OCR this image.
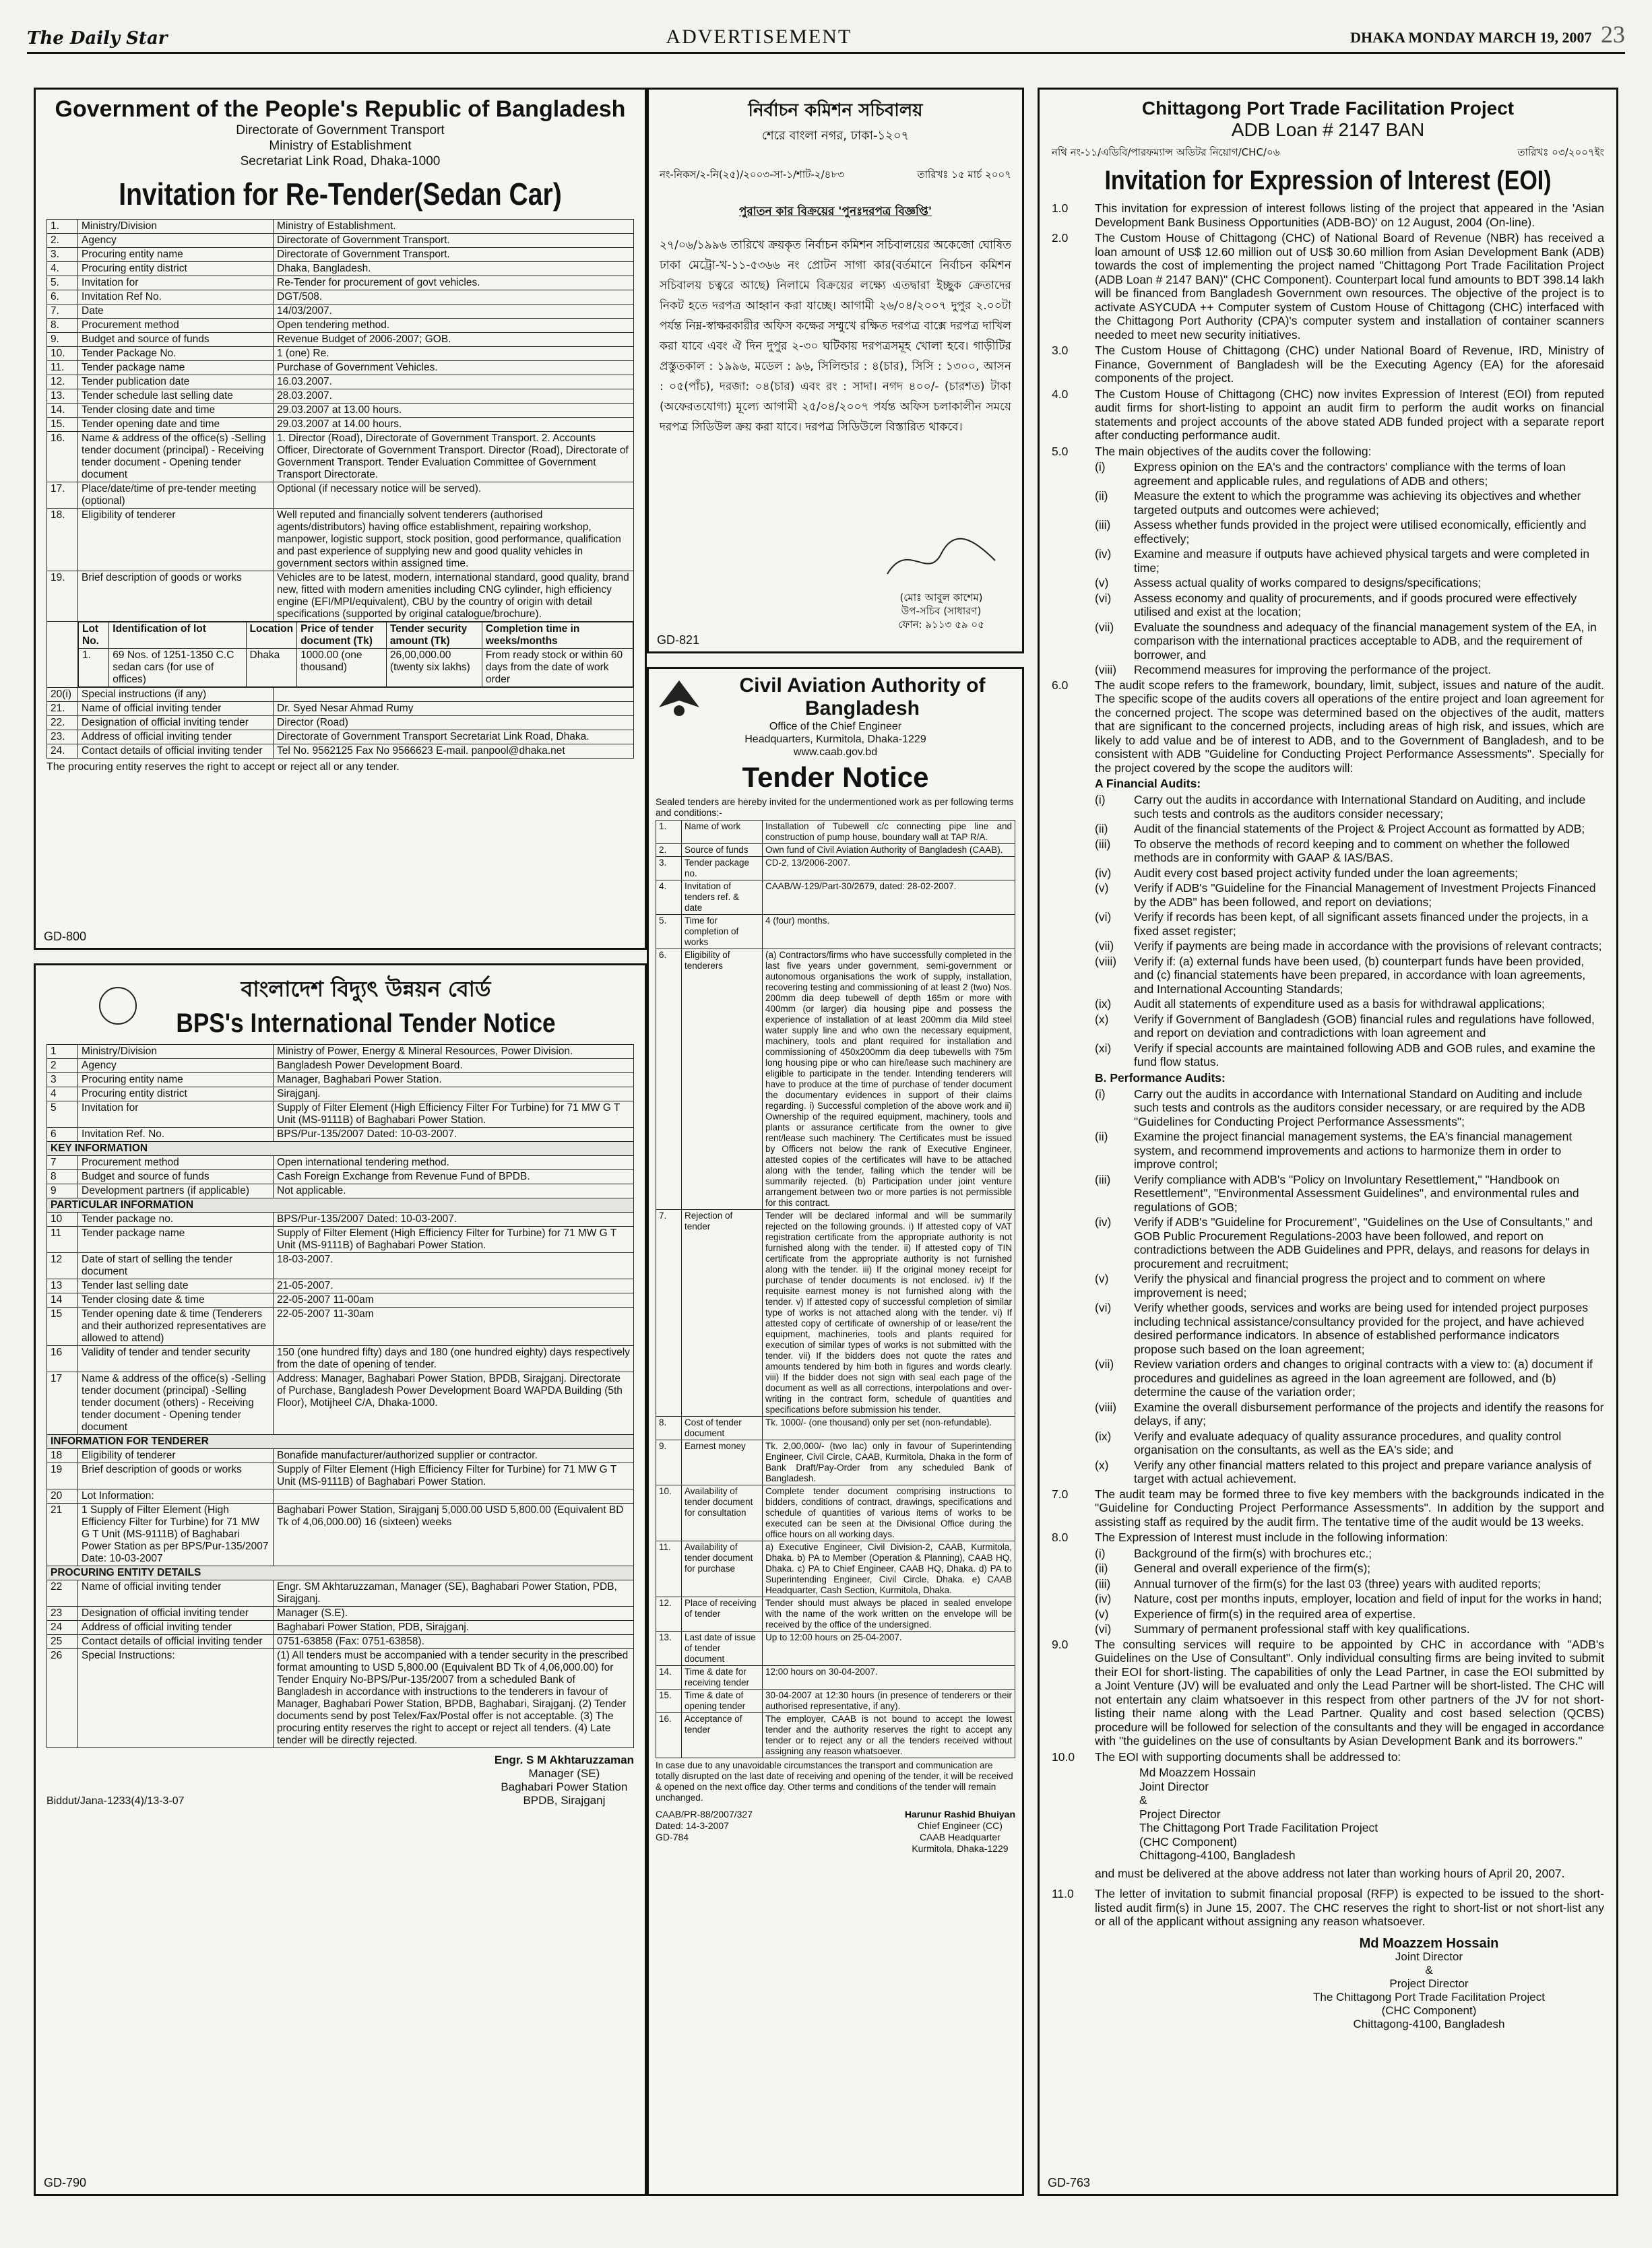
The Daily Star	ADVERTISEMENT	DHAKA MONDAY MARCH 19, 2007 23
Government of the People's Republic of Bangladesh
Directorate of Government Transport
Ministry of Establishment
Secretariat Link Road, Dhaka-1000
Invitation for Re-Tender(Sedan Car)
1.	Ministry/Division	Ministry of Establishment.
2.	Agency	Directorate of Government Transport.
3.	Procuring entity name	Directorate of Government Transport.
4.	Procuring entity district	Dhaka, Bangladesh.
5.	Invitation for	Re-Tender for procurement of govt vehicles.
6.	Invitation Ref No.	DGT/508.
7.	Date	14/03/2007.
8.	Procurement method	Open tendering method.
9.	Budget and source of funds	Revenue Budget of 2006-2007; GOB.
10.	Tender Package No.	1 (one) Re.
11.	Tender package name	Purchase of Government Vehicles.
12.	Tender publication date	16.03.2007.
13.	Tender schedule last selling date	28.03.2007.
14.	Tender closing date and time	29.03.2007 at 13.00 hours.
15.	Tender opening date and time	29.03.2007 at 14.00 hours.
16.	Name & address of the office(s) -Selling tender document (principal) - Receiving tender document - Opening tender document	1. Director (Road), Directorate of Government Transport. 2. Accounts Officer, Directorate of Government Transport. Director (Road), Directorate of Government Transport. Tender Evaluation Committee of Government Transport Directorate.
17.	Place/date/time of pre-tender meeting (optional)	Optional (if necessary notice will be served).
18.	Eligibility of tenderer	Well reputed and financially solvent tenderers (authorised agents/distributors) having office establishment, repairing workshop, manpower, logistic support, stock position, good performance, qualification and past experience of supplying new and good quality vehicles in government sectors within assigned time.
19.	Brief description of goods or works	Vehicles are to be latest, modern, international standard, good quality, brand new, fitted with modern amenities including CNG cylinder, high efficiency engine (EFI/MPI/equivalent), CBU by the country of origin with detail specifications (supported by original catalogue/brochure).

Lot No.	Identification of lot	Location	Price of tender document (Tk)	Tender security amount (Tk)	Completion time in weeks/months
1.	69 Nos. of 1251-1350 C.C sedan cars (for use of offices)	Dhaka	1000.00 (one thousand)	26,00,000.00 (twenty six lakhs)	From ready stock or within 60 days from the date of work order

20(i)	Special instructions (if any)	
21.	Name of official inviting tender	Dr. Syed Nesar Ahmad Rumy
22.	Designation of official inviting tender	Director (Road)
23.	Address of official inviting tender	Directorate of Government Transport Secretariat Link Road, Dhaka.
24.	Contact details of official inviting tender	Tel No. 9562125 Fax No 9566623 E-mail. panpool@dhaka.net
The procuring entity reserves the right to accept or reject all or any tender.
GD-800
বাংলাদেশ বিদ্যুৎ উন্নয়ন বোর্ড
BPS's International Tender Notice
1	Ministry/Division	Ministry of Power, Energy & Mineral Resources, Power Division.
2	Agency	Bangladesh Power Development Board.
3	Procuring entity name	Manager, Baghabari Power Station.
4	Procuring entity district	Sirajganj.
5	Invitation for	Supply of Filter Element (High Efficiency Filter For Turbine) for 71 MW G T Unit (MS-9111B) of Baghabari Power Station.
6	Invitation Ref. No.	BPS/Pur-135/2007 Dated: 10-03-2007.
KEY INFORMATION		
7	Procurement method	Open international tendering method.
8	Budget and source of funds	Cash Foreign Exchange from Revenue Fund of BPDB.
9	Development partners (if applicable)	Not applicable.
PARTICULAR INFORMATION		
10	Tender package no.	BPS/Pur-135/2007 Dated: 10-03-2007.
11	Tender package name	Supply of Filter Element (High Efficiency Filter for Turbine) for 71 MW G T Unit (MS-9111B) of Baghabari Power Station.
12	Date of start of selling the tender document	18-03-2007.
13	Tender last selling date	21-05-2007.
14	Tender closing date & time	22-05-2007 11-00am
15	Tender opening date & time (Tenderers and their authorized representatives are allowed to attend)	22-05-2007 11-30am
16	Validity of tender and tender security	150 (one hundred fifty) days and 180 (one hundred eighty) days respectively from the date of opening of tender.
17	Name & address of the office(s) -Selling tender document (principal) -Selling tender document (others) - Receiving tender document - Opening tender document	Address: Manager, Baghabari Power Station, BPDB, Sirajganj. Directorate of Purchase, Bangladesh Power Development Board WAPDA Building (5th Floor), Motijheel C/A, Dhaka-1000.
INFORMATION FOR TENDERER		
18	Eligibility of tenderer	Bonafide manufacturer/authorized supplier or contractor.
19	Brief description of goods or works	Supply of Filter Element (High Efficiency Filter for Turbine) for 71 MW G T Unit (MS-9111B) of Baghabari Power Station.
20	Lot Information:	
21	1 Supply of Filter Element (High Efficiency Filter for Turbine) for 71 MW G T Unit (MS-9111B) of Baghabari Power Station as per BPS/Pur-135/2007 Date: 10-03-2007	Baghabari Power Station, Sirajganj 5,000.00 USD 5,800.00 (Equivalent BD Tk of 4,06,000.00) 16 (sixteen) weeks
PROCURING ENTITY DETAILS		
22	Name of official inviting tender	Engr. SM Akhtaruzzaman, Manager (SE), Baghabari Power Station, PDB, Sirajganj.
23	Designation of official inviting tender	Manager (S.E).
24	Address of official inviting tender	Baghabari Power Station, PDB, Sirajganj.
25	Contact details of official inviting tender	0751-63858 (Fax: 0751-63858).
26	Special Instructions:	(1) All tenders must be accompanied with a tender security in the prescribed format amounting to USD 5,800.00 (Equivalent BD Tk of 4,06,000.00) for Tender Enquiry No-BPS/Pur-135/2007 from a scheduled Bank of Bangladesh in accordance with instructions to the tenderers in favour of Manager, Baghabari Power Station, BPDB, Baghabari, Sirajganj. (2) Tender documents send by post Telex/Fax/Postal offer is not acceptable. (3) The procuring entity reserves the right to accept or reject all tenders. (4) Late tender will be directly rejected.
Biddut/Jana-1233(4)/13-3-07
Engr. S M Akhtaruzzaman
Manager (SE)
Baghabari Power Station
BPDB, Sirajganj
GD-790
নির্বাচন কমিশন সচিবালয়
শেরে বাংলা নগর, ঢাকা-১২০৭
নং-নিকস/২-নি(২৫)/২০০৩-সা-১/শাট-২/৪৮৩	তারিখঃ ১৫ মার্চ ২০০৭
পুরাতন কার বিক্রয়ের 'পুনঃদরপত্র বিজ্ঞপ্তি'
২৭/০৬/১৯৯৬ তারিখে ক্রয়কৃত নির্বাচন কমিশন সচিবালয়ের অকেজো ঘোষিত ঢাকা মেট্রো-খ-১১-৫৩৬৬ নং প্রোটন সাগা কার(বর্তমানে নির্বাচন কমিশন সচিবালয় চত্বরে আছে) নিলামে বিক্রয়ের লক্ষ্যে এতদ্বারা ইচ্ছুক ক্রেতাদের নিকট হতে দরপত্র আহ্বান করা যাচ্ছে। আগামী ২৬/০৪/২০০৭ দুপুর ২.০০টা পর্যন্ত নিম্ন-স্বাক্ষরকারীর অফিস কক্ষের সম্মুখে রক্ষিত দরপত্র বাক্সে দরপত্র দাখিল করা যাবে এবং ঐ দিন দুপুর ২-৩০ ঘটিকায় দরপত্রসমূহ খোলা হবে। গাড়ীটির প্রস্তুতকাল : ১৯৯৬, মডেল : ৯৬, সিলিন্ডার : ৪(চার), সিসি : ১৩০০, আসন : ০৫(পাঁচ), দরজা: ০৪(চার) এবং রং : সাদা। নগদ ৪০০/- (চারশত) টাকা (অফেরতযোগ্য) মূল্যে আগামী ২৫/০৪/২০০৭ পর্যন্ত অফিস চলাকালীন সময়ে দরপত্র সিডিউল ক্রয় করা যাবে। দরপত্র সিডিউলে বিস্তারিত থাকবে।
(মোঃ আবুল কাশেম)
উপ-সচিব (সাধারণ)
ফোন: ৯১১৩ ৫৯ ০৫
GD-821
Civil Aviation Authority of
Bangladesh
Office of the Chief Engineer
Headquarters, Kurmitola, Dhaka-1229
www.caab.gov.bd
Tender Notice
Sealed tenders are hereby invited for the undermentioned work as per following terms and conditions:-
1.	Name of work	Installation of Tubewell c/c connecting pipe line and construction of pump house, boundary wall at TAP R/A.
2.	Source of funds	Own fund of Civil Aviation Authority of Bangladesh (CAAB).
3.	Tender package no.	CD-2, 13/2006-2007.
4.	Invitation of tenders ref. & date	CAAB/W-129/Part-30/2679, dated: 28-02-2007.
5.	Time for completion of works	4 (four) months.
6.	Eligibility of tenderers	(a) Contractors/firms who have successfully completed in the last five years under government, semi-government or autonomous organisations the work of supply, installation, recovering testing and commissioning of at least 2 (two) Nos. 200mm dia deep tubewell of depth 165m or more with 400mm (or larger) dia housing pipe and possess the experience of installation of at least 200mm dia Mild steel water supply line and who own the necessary equipment, machinery, tools and plant required for installation and commissioning of 450x200mm dia deep tubewells with 75m long housing pipe or who can hire/lease such machinery are eligible to participate in the tender. Intending tenderers will have to produce at the time of purchase of tender document the documentary evidences in support of their claims regarding. i) Successful completion of the above work and ii) Ownership of the required equipment, machinery, tools and plants or assurance certificate from the owner to give rent/lease such machinery. The Certificates must be issued by Officers not below the rank of Executive Engineer, attested copies of the certificates will have to be attached along with the tender, failing which the tender will be summarily rejected. (b) Participation under joint venture arrangement between two or more parties is not permissible for this contract.
7.	Rejection of tender	Tender will be declared informal and will be summarily rejected on the following grounds. i) If attested copy of VAT registration certificate from the appropriate authority is not furnished along with the tender. ii) If attested copy of TIN certificate from the appropriate authority is not furnished along with the tender. iii) If the original money receipt for purchase of tender documents is not enclosed. iv) If the requisite earnest money is not furnished along with the tender. v) If attested copy of successful completion of similar type of works is not attached along with the tender. vi) If attested copy of certificate of ownership of or lease/rent the equipment, machineries, tools and plants required for execution of similar types of works is not submitted with the tender. vii) If the bidders does not quote the rates and amounts tendered by him both in figures and words clearly. viii) If the bidder does not sign with seal each page of the document as well as all corrections, interpolations and over-writing in the contract form, schedule of quantities and specifications before submission his tender.
8.	Cost of tender document	Tk. 1000/- (one thousand) only per set (non-refundable).
9.	Earnest money	Tk. 2,00,000/- (two lac) only in favour of Superintending Engineer, Civil Circle, CAAB, Kurmitola, Dhaka in the form of Bank Draft/Pay-Order from any scheduled Bank of Bangladesh.
10.	Availability of tender document for consultation	Complete tender document comprising instructions to bidders, conditions of contract, drawings, specifications and schedule of quantities of various items of works to be executed can be seen at the Divisional Office during the office hours on all working days.
11.	Availability of tender document for purchase	a) Executive Engineer, Civil Division-2, CAAB, Kurmitola, Dhaka. b) PA to Member (Operation & Planning), CAAB HQ, Dhaka. c) PA to Chief Engineer, CAAB HQ, Dhaka. d) PA to Superintending Engineer, Civil Circle, Dhaka. e) CAAB Headquarter, Cash Section, Kurmitola, Dhaka.
12.	Place of receiving of tender	Tender should must always be placed in sealed envelope with the name of the work written on the envelope will be received by the office of the undersigned.
13.	Last date of issue of tender document	Up to 12:00 hours on 25-04-2007.
14.	Time & date for receiving tender	12:00 hours on 30-04-2007.
15.	Time & date of opening tender	30-04-2007 at 12:30 hours (in presence of tenderers or their authorised representative, if any).
16.	Acceptance of tender	The employer, CAAB is not bound to accept the lowest tender and the authority reserves the right to accept any tender or to reject any or all the tenders received without assigning any reason whatsoever.
In case due to any unavoidable circumstances the transport and communication are totally disrupted on the last date of receiving and opening of the tender, it will be received & opened on the next office day. Other terms and conditions of the tender will remain unchanged.
CAAB/PR-88/2007/327
Dated: 14-3-2007
GD-784
Harunur Rashid Bhuiyan
Chief Engineer (CC)
CAAB Headquarter
Kurmitola, Dhaka-1229
Chittagong Port Trade Facilitation Project
ADB Loan # 2147 BAN
নথি নং-১১/এডিবি/পারফম্যান্স অডিটর নিয়োগ/CHC/০৬	তারিখঃ ০৩/২০০৭ইং
Invitation for Expression of Interest (EOI)
1.0	This invitation for expression of interest follows listing of the project that appeared in the 'Asian Development Bank Business Opportunities (ADB-BO)' on 12 August, 2004 (On-line).
2.0	The Custom House of Chittagong (CHC) of National Board of Revenue (NBR) has received a loan amount of US$ 12.60 million out of US$ 30.60 million from Asian Development Bank (ADB) towards the cost of implementing the project named "Chittagong Port Trade Facilitation Project (ADB Loan # 2147 BAN)" (CHC Component). Counterpart local fund amounts to BDT 398.14 lakh will be financed from Bangladesh Government own resources. The objective of the project is to activate ASYCUDA ++ Computer system of Custom House of Chittagong (CHC) interfaced with the Chittagong Port Authority (CPA)'s computer system and installation of container scanners needed to meet new security initiatives.
3.0	The Custom House of Chittagong (CHC) under National Board of Revenue, IRD, Ministry of Finance, Government of Bangladesh will be the Executing Agency (EA) for the aforesaid components of the project.
4.0	The Custom House of Chittagong (CHC) now invites Expression of Interest (EOI) from reputed audit firms for short-listing to appoint an audit firm to perform the audit works on financial statements and project accounts of the above stated ADB funded project with a separate report after conducting performance audit.
5.0	The main objectives of the audits cover the following:
(i)	Express opinion on the EA's and the contractors' compliance with the terms of loan agreement and applicable rules, and regulations of ADB and others;
(ii)	Measure the extent to which the programme was achieving its objectives and whether targeted outputs and outcomes were achieved;
(iii)	Assess whether funds provided in the project were utilised economically, efficiently and effectively;
(iv)	Examine and measure if outputs have achieved physical targets and were completed in time;
(v)	Assess actual quality of works compared to designs/specifications;
(vi)	Assess economy and quality of procurements, and if goods procured were effectively utilised and exist at the location;
(vii)	Evaluate the soundness and adequacy of the financial management system of the EA, in comparison with the international practices acceptable to ADB, and the requirement of borrower, and
(viii)	Recommend measures for improving the performance of the project.
6.0	The audit scope refers to the framework, boundary, limit, subject, issues and nature of the audit. The specific scope of the audits covers all operations of the entire project and loan agreement for the concerned project. The scope was determined based on the objectives of the audit, matters that are significant to the concerned projects, including areas of high risk, and issues, which are likely to add value and be of interest to ADB, and to the Government of Bangladesh, and to be consistent with ADB "Guideline for Conducting Project Performance Assessments". Specially for the project covered by the scope the auditors will:
A Financial Audits:
(i)	Carry out the audits in accordance with International Standard on Auditing, and include such tests and controls as the auditors consider necessary;
(ii)	Audit of the financial statements of the Project & Project Account as formatted by ADB;
(iii)	To observe the methods of record keeping and to comment on whether the followed methods are in conformity with GAAP & IAS/BAS.
(iv)	Audit every cost based project activity funded under the loan agreements;
(v)	Verify if ADB's "Guideline for the Financial Management of Investment Projects Financed by the ADB" has been followed, and report on deviations;
(vi)	Verify if records has been kept, of all significant assets financed under the projects, in a fixed asset register;
(vii)	Verify if payments are being made in accordance with the provisions of relevant contracts;
(viii)	Verify if: (a) external funds have been used, (b) counterpart funds have been provided, and (c) financial statements have been prepared, in accordance with loan agreements, and International Accounting Standards;
(ix)	Audit all statements of expenditure used as a basis for withdrawal applications;
(x)	Verify if Government of Bangladesh (GOB) financial rules and regulations have followed, and report on deviation and contradictions with loan agreement and
(xi)	Verify if special accounts are maintained following ADB and GOB rules, and examine the fund flow status.
B. Performance Audits:
(i)	Carry out the audits in accordance with International Standard on Auditing and include such tests and controls as the auditors consider necessary, or are required by the ADB "Guidelines for Conducting Project Performance Assessments";
(ii)	Examine the project financial management systems, the EA's financial management system, and recommend improvements and actions to harmonize them in order to improve control;
(iii)	Verify compliance with ADB's "Policy on Involuntary Resettlement," "Handbook on Resettlement", "Environmental Assessment Guidelines", and environmental rules and regulations of GOB;
(iv)	Verify if ADB's "Guideline for Procurement", "Guidelines on the Use of Consultants," and GOB Public Procurement Regulations-2003 have been followed, and report on contradictions between the ADB Guidelines and PPR, delays, and reasons for delays in procurement and recruitment;
(v)	Verify the physical and financial progress the project and to comment on where improvement is need;
(vi)	Verify whether goods, services and works are being used for intended project purposes including technical assistance/consultancy provided for the project, and have achieved desired performance indicators. In absence of established performance indicators propose such based on the loan agreement;
(vii)	Review variation orders and changes to original contracts with a view to: (a) document if procedures and guidelines as agreed in the loan agreement are followed, and (b) determine the cause of the variation order;
(viii)	Examine the overall disbursement performance of the projects and identify the reasons for delays, if any;
(ix)	Verify and evaluate adequacy of quality assurance procedures, and quality control organisation on the consultants, as well as the EA's side; and
(x)	Verify any other financial matters related to this project and prepare variance analysis of target with actual achievement.
7.0	The audit team may be formed three to five key members with the backgrounds indicated in the "Guideline for Conducting Project Performance Assessments". In addition by the support and assisting staff as required by the audit firm. The tentative time of the audit would be 13 weeks.
8.0	The Expression of Interest must include in the following information:
(i)	Background of the firm(s) with brochures etc.;
(ii)	General and overall experience of the firm(s);
(iii)	Annual turnover of the firm(s) for the last 03 (three) years with audited reports;
(iv)	Nature, cost per months inputs, employer, location and field of input for the works in hand;
(v)	Experience of firm(s) in the required area of expertise.
(vi)	Summary of permanent professional staff with key qualifications.
9.0	The consulting services will require to be appointed by CHC in accordance with "ADB's Guidelines on the Use of Consultant". Only individual consulting firms are being invited to submit their EOI for short-listing. The capabilities of only the Lead Partner, in case the EOI submitted by a Joint Venture (JV) will be evaluated and only the Lead Partner will be short-listed. The CHC will not entertain any claim whatsoever in this respect from other partners of the JV for not short-listing their name along with the Lead Partner. Quality and cost based selection (QCBS) procedure will be followed for selection of the consultants and they will be engaged in accordance with "the guidelines on the use of consultants by Asian Development Bank and its borrowers."
10.0	The EOI with supporting documents shall be addressed to:
Md Moazzem Hossain
Joint Director
&
Project Director
The Chittagong Port Trade Facilitation Project
(CHC Component)
Chittagong-4100, Bangladesh
and must be delivered at the above address not later than working hours of April 20, 2007.
11.0	The letter of invitation to submit financial proposal (RFP) is expected to be issued to the short-listed audit firm(s) in June 15, 2007. The CHC reserves the right to short-list or not short-list any or all of the applicant without assigning any reason whatsoever.
Md Moazzem Hossain
Joint Director
&
Project Director
The Chittagong Port Trade Facilitation Project
(CHC Component)
Chittagong-4100, Bangladesh
GD-763
